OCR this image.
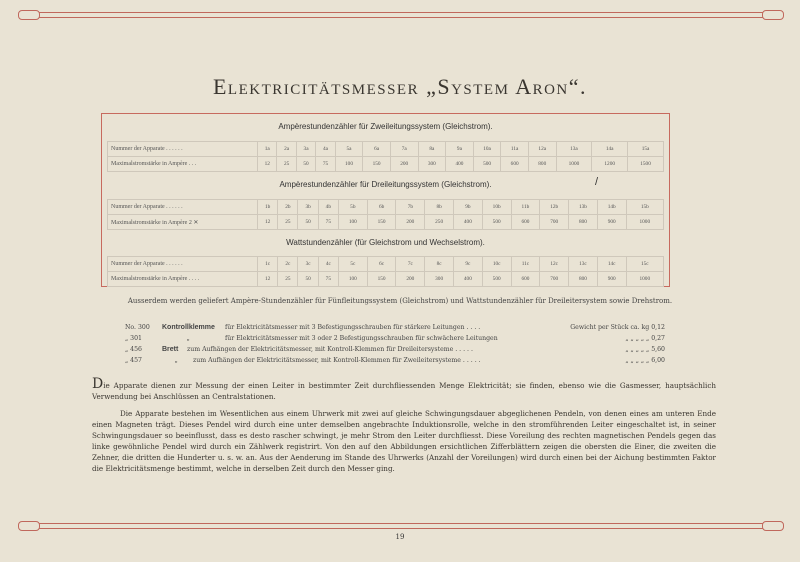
Elektricitätsmesser „System Aron“.
Ampèrestundenzähler für Zweileitungssystem (Gleichstrom).
Nummer der Apparate . . . . . .	1a	2a	3a	4a	5a	6a	7a	8a	9a	10a	11a	12a	13a	14a	15a
Maximalstromstärke in Ampère . . .	12	25	50	75	100	150	200	300	400	500	600	800	1000	1200	1500
Ampèrestundenzähler für Dreileitungssystem (Gleichstrom).	/
Nummer der Apparate . . . . . .	1b	2b	3b	4b	5b	6b	7b	8b	9b	10b	11b	12b	13b	14b	15b
Maximalstromstärke in Ampère 2 ✕	12	25	50	75	100	150	200	250	400	500	600	700	800	900	1000
Wattstundenzähler (für Gleichstrom und Wechselstrom).
Nummer der Apparate . . . . . .	1c	2c	3c	4c	5c	6c	7c	8c	9c	10c	11c	12c	13c	14c	15c
Maximalstromstärke in Ampère . . . .	12	25	50	75	100	150	200	300	400	500	600	700	800	900	1000
Ausserdem werden geliefert Ampère-Stundenzähler für Fünfleitungssystem (Gleichstrom) und Wattstundenzähler für Dreileitersystem sowie Drehstrom.
No. 300	Kontrollklemme für Elektricitätsmesser mit 3 Befestigungsschrauben für stärkere Leitungen . . . .	Gewicht per Stück ca. kg 0,12
„ 301	„	für Elektricitätsmesser mit 3 oder 2 Befestigungsschrauben für schwächere Leitungen	„ „ „ „ „ 0,27
„ 456	Brett zum Aufhängen der Elektricitätsmesser, mit Kontroll-Klemmen für Dreileitersysteme . . . . .	„ „ „ „ „ 5,60
„ 457	„	zum Aufhängen der Elektricitätsmesser, mit Kontroll-Klemmen für Zweileitersysteme . . . . .	„ „ „ „ „ 6,00
Die Apparate dienen zur Messung der einen Leiter in bestimmter Zeit durchfliessenden Menge Elektricität; sie finden, ebenso wie die Gasmesser, hauptsächlich Verwendung bei Anschlüssen an Centralstationen.
Die Apparate bestehen im Wesentlichen aus einem Uhrwerk mit zwei auf gleiche Schwingungsdauer abgeglichenen Pendeln, von denen eines am unteren Ende einen Magneten trägt. Dieses Pendel wird durch eine unter demselben angebrachte Induktionsrolle, welche in den stromführenden Leiter eingeschaltet ist, in seiner Schwingungsdauer so beeinflusst, dass es desto rascher schwingt, je mehr Strom den Leiter durchfliesst. Diese Voreilung des rechten magnetischen Pendels gegen das linke gewöhnliche Pendel wird durch ein Zählwerk registrirt. Von den auf den Abbildungen ersichtlichen Zifferblättern zeigen die obersten die Einer, die zweiten die Zehner, die dritten die Hunderter u. s. w. an. Aus der Aenderung im Stande des Uhrwerks (Anzahl der Voreilungen) wird durch einen bei der Aichung bestimmten Faktor die Elektricitätsmenge bestimmt, welche in derselben Zeit durch den Messer ging.
19
